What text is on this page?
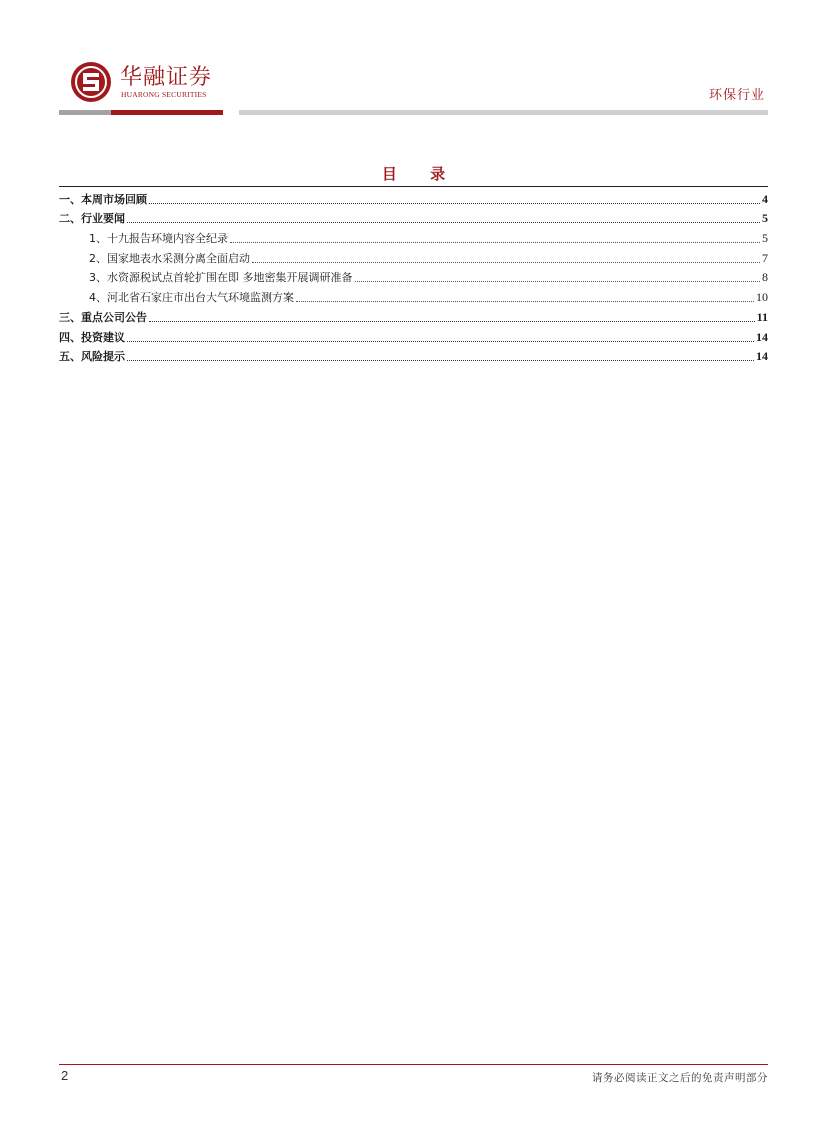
华融证券
HUARONG SECURITIES	环保行业
目 录
一、本周市场回顾	4
二、行业要闻	5
1、十九报告环境内容全纪录	5
2、国家地表水采测分离全面启动	7
3、水资源税试点首轮扩围在即 多地密集开展调研准备	8
4、河北省石家庄市出台大气环境监测方案	10
三、重点公司公告	11
四、投资建议	14
五、风险提示	14
2	请务必阅读正文之后的免责声明部分
